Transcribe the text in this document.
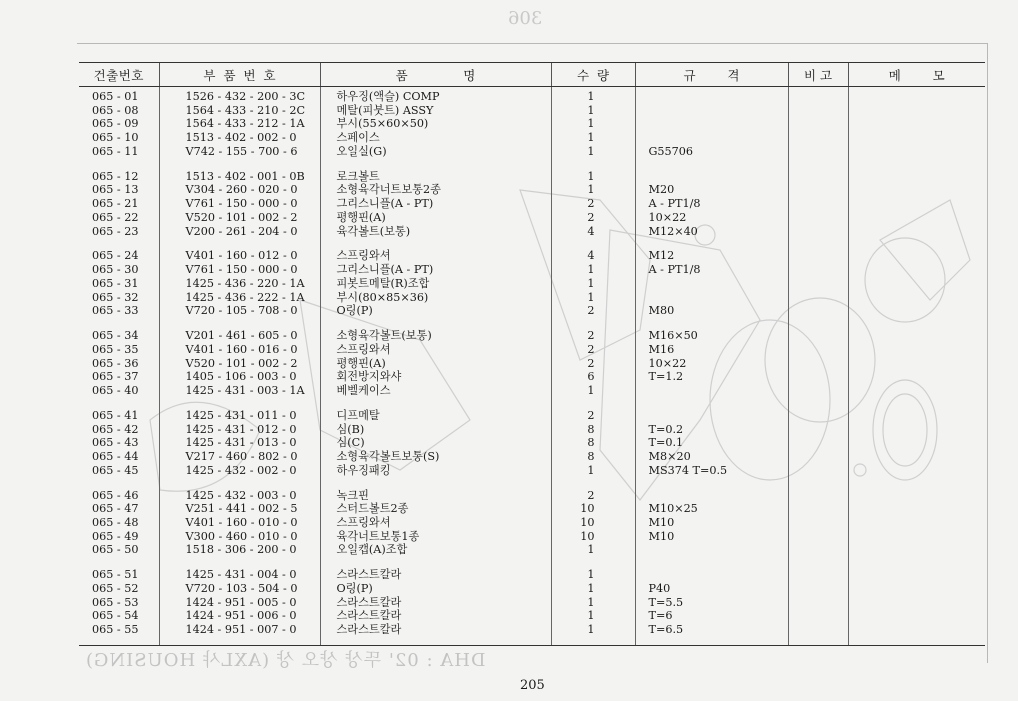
306
건출번호	부  품  번  호	품              명	수  량	규        격	비 고	메        모
065 - 01	1526 - 432 - 200 - 3C	하우징(액슬) COMP	1			
065 - 08	1564 - 433 - 210 - 2C	메탈(피붓트) ASSY	1			
065 - 09	1564 - 433 - 212 - 1A	부시(55×60×50)	1			
065 - 10	1513 - 402 - 002 - 0	스페이스	1			
065 - 11	V742 - 155 - 700 - 6	오일실(G)	1	G55706		

065 - 12	1513 - 402 - 001 - 0B	로크볼트	1			
065 - 13	V304 - 260 - 020 - 0	소형육각너트보통2종	1	M20		
065 - 21	V761 - 150 - 000 - 0	그리스니플(A - PT)	2	A - PT1/8		
065 - 22	V520 - 101 - 002 - 2	평행핀(A)	2	10×22		
065 - 23	V200 - 261 - 204 - 0	육각볼트(보통)	4	M12×40		

065 - 24	V401 - 160 - 012 - 0	스프링와셔	4	M12		
065 - 30	V761 - 150 - 000 - 0	그리스니플(A - PT)	1	A - PT1/8		
065 - 31	1425 - 436 - 220 - 1A	피봇트메탈(R)조합	1			
065 - 32	1425 - 436 - 222 - 1A	부시(80×85×36)	1			
065 - 33	V720 - 105 - 708 - 0	O링(P)	2	M80		

065 - 34	V201 - 461 - 605 - 0	소형육각볼트(보통)	2	M16×50		
065 - 35	V401 - 160 - 016 - 0	스프링와셔	2	M16		
065 - 36	V520 - 101 - 002 - 2	평행핀(A)	2	10×22		
065 - 37	1405 - 106 - 003 - 0	회전방지와샤	6	T=1.2		
065 - 40	1425 - 431 - 003 - 1A	베벨케이스	1			

065 - 41	1425 - 431 - 011 - 0	디프메탈	2			
065 - 42	1425 - 431 - 012 - 0	심(B)	8	T=0.2		
065 - 43	1425 - 431 - 013 - 0	심(C)	8	T=0.1		
065 - 44	V217 - 460 - 802 - 0	소형육각볼트보통(S)	8	M8×20		
065 - 45	1425 - 432 - 002 - 0	하우징패킹	1	MS374 T=0.5		

065 - 46	1425 - 432 - 003 - 0	녹크핀	2			
065 - 47	V251 - 441 - 002 - 5	스터드볼트2종	10	M10×25		
065 - 48	V401 - 160 - 010 - 0	스프링와셔	10	M10		
065 - 49	V300 - 460 - 010 - 0	육각너트보통1종	10	M10		
065 - 50	1518 - 306 - 200 - 0	오일캡(A)조합	1			

065 - 51	1425 - 431 - 004 - 0	스라스트칼라	1			
065 - 52	V720 - 103 - 504 - 0	O링(P)	1	P40		
065 - 53	1424 - 951 - 005 - 0	스라스트칼라	1	T=5.5		
065 - 54	1424 - 951 - 006 - 0	스라스트칼라	1	T=6		
065 - 55	1424 - 951 - 007 - 0	스라스트칼라	1	T=6.5		

DHA : 02' 뚜샹 샹오 샹 (AXL샤 HOUSING)
205
